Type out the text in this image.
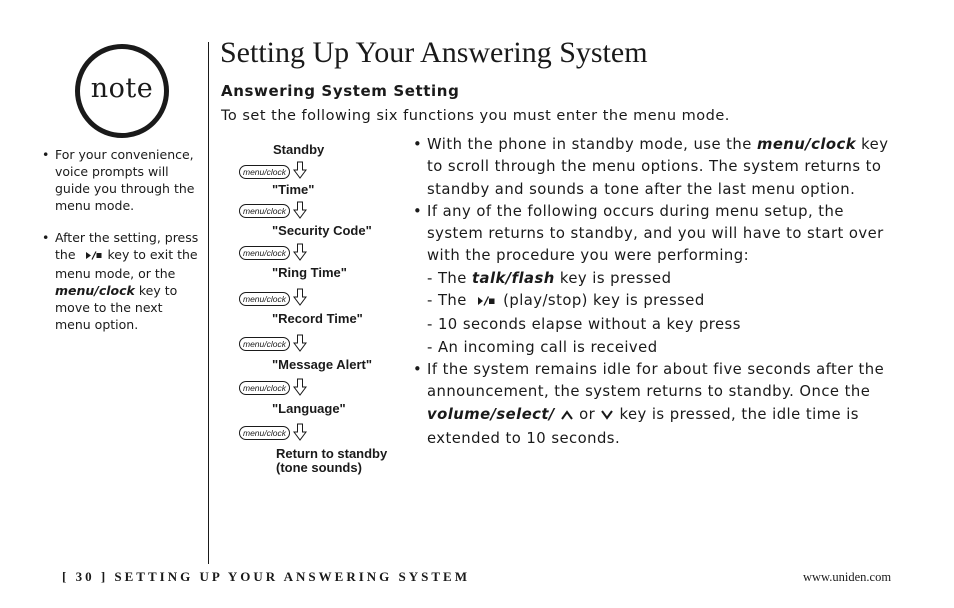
note
• For your convenience, voice prompts will guide you through the menu mode.
• After the setting, press the	key to exit the menu mode, or the menu/clock key to move to the next menu option.
Setting Up Your Answering System
Answering System Setting
To set the following six functions you must enter the menu mode.
Standby
menu/clock
"Time"
menu/clock
"Security Code"
menu/clock
"Ring Time"
menu/clock
"Record Time"
menu/clock
"Message Alert"
menu/clock
"Language"
menu/clock
Return to standby
(tone sounds)
• With the phone in standby mode, use the menu/clock key
to scroll through the menu options. The system returns to
standby and sounds a tone after the last menu option.
• If any of the following occurs during menu setup, the
system returns to standby, and you will have to start over
with the procedure you were performing:
- The talk/flash key is pressed
- The (play/stop) key is pressed
- 10 seconds elapse without a key press
- An incoming call is received
• If the system remains idle for about five seconds after the
announcement, the system returns to standby. Once the
volume/select/ or key is pressed, the idle time is
extended to 10 seconds.
[ 30 ] SETTING UP YOUR ANSWERING SYSTEM	www.uniden.com
